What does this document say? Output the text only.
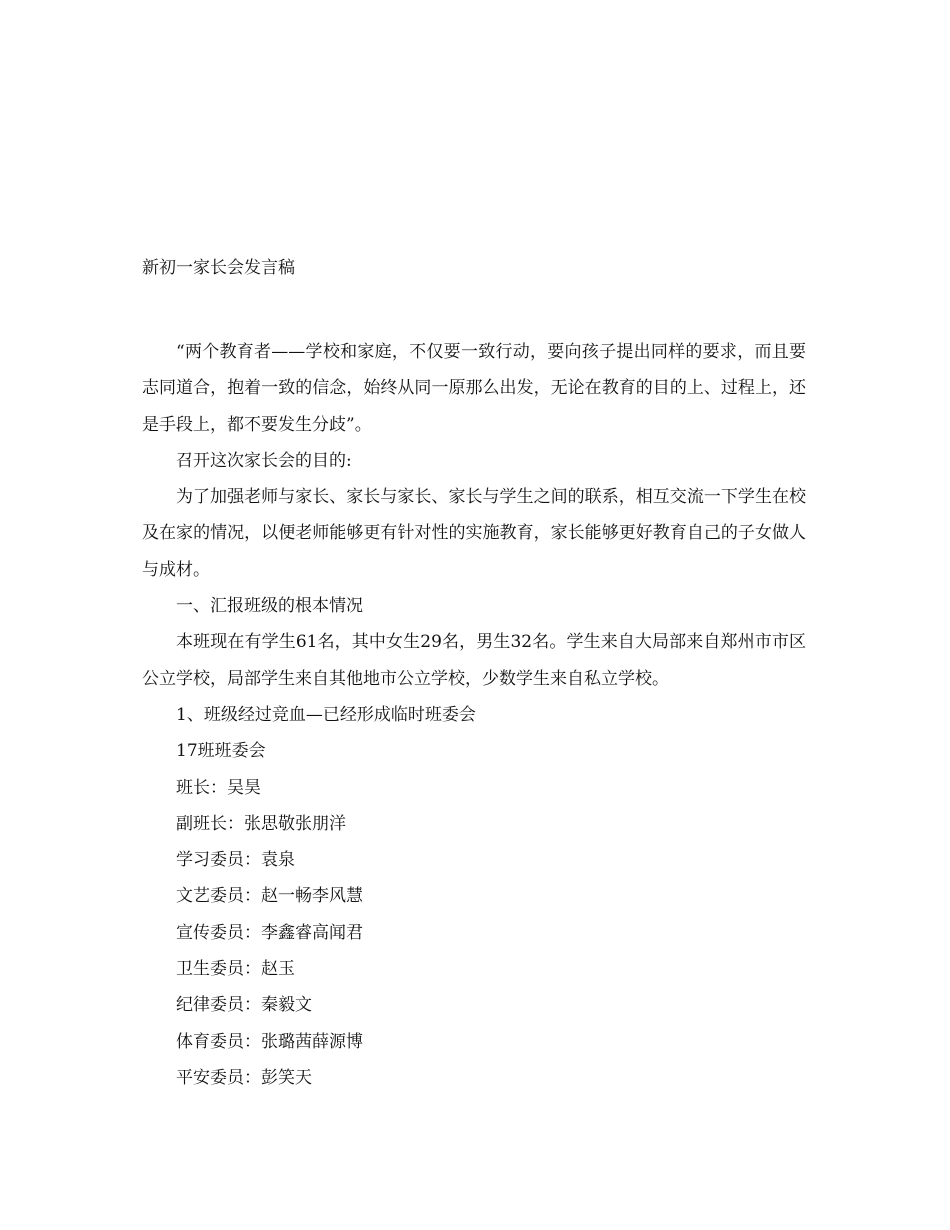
新初一家长会发言稿

“两个教育者——学校和家庭，不仅要一致行动，要向孩子提出同样的要求，而且要志同道合，抱着一致的信念，始终从同一原那么出发，无论在教育的目的上、过程上，还是手段上，都不要发生分歧”。

召开这次家长会的目的:

为了加强老师与家长、家长与家长、家长与学生之间的联系，相互交流一下学生在校及在家的情况，以便老师能够更有针对性的实施教育，家长能够更好教育自己的子女做人与成材。

一、汇报班级的根本情况

本班现在有学生61名，其中女生29名，男生32名。学生来自大局部来自郑州市市区公立学校，局部学生来自其他地市公立学校，少数学生来自私立学校。

1、班级经过竞血—已经形成临时班委会

17班班委会

班长：吴昊

副班长：张思敬张朋洋

学习委员：袁泉

文艺委员：赵一畅李风慧

宣传委员：李鑫睿高闻君

卫生委员：赵玉

纪律委员：秦毅文

体育委员：张璐茜薛源博

平安委员：彭笑天
